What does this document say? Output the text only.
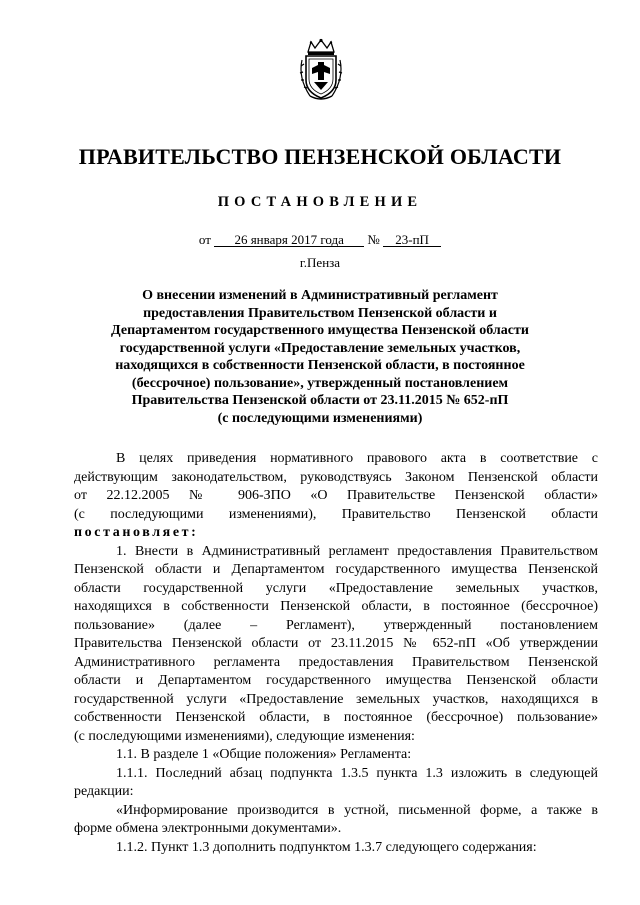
ПРАВИТЕЛЬСТВО ПЕНЗЕНСКОЙ ОБЛАСТИ
ПОСТАНОВЛЕНИЕ
от 26 января 2017 года № 23-пП
г.Пенза
О внесении изменений в Административный регламент
предоставления Правительством Пензенской области и
Департаментом государственного имущества Пензенской области
государственной услуги «Предоставление земельных участков,
находящихся в собственности Пензенской области, в постоянное
(бессрочное) пользование», утвержденный постановлением
Правительства Пензенской области от 23.11.2015 № 652-пП
(с последующими изменениями)
В целях приведения нормативного правового акта в соответствие с
действующим законодательством, руководствуясь Законом Пензенской области
от 22.12.2005 № 906-ЗПО «О Правительстве Пензенской области»
(с последующими изменениями), Правительство Пензенской области
постановляет:
1. Внести в Административный регламент предоставления Правительством
Пензенской области и Департаментом государственного имущества Пензенской
области государственной услуги «Предоставление земельных участков,
находящихся в собственности Пензенской области, в постоянное (бессрочное)
пользование» (далее – Регламент), утвержденный постановлением
Правительства Пензенской области от 23.11.2015 № 652-пП «Об утверждении
Административного регламента предоставления Правительством Пензенской
области и Департаментом государственного имущества Пензенской области
государственной услуги «Предоставление земельных участков, находящихся в
собственности Пензенской области, в постоянное (бессрочное) пользование»
(с последующими изменениями), следующие изменения:
1.1. В разделе 1 «Общие положения» Регламента:
1.1.1. Последний абзац подпункта 1.3.5 пункта 1.3 изложить в следующей
редакции:
«Информирование производится в устной, письменной форме, а также в
форме обмена электронными документами».
1.1.2. Пункт 1.3 дополнить подпунктом 1.3.7 следующего содержания:
